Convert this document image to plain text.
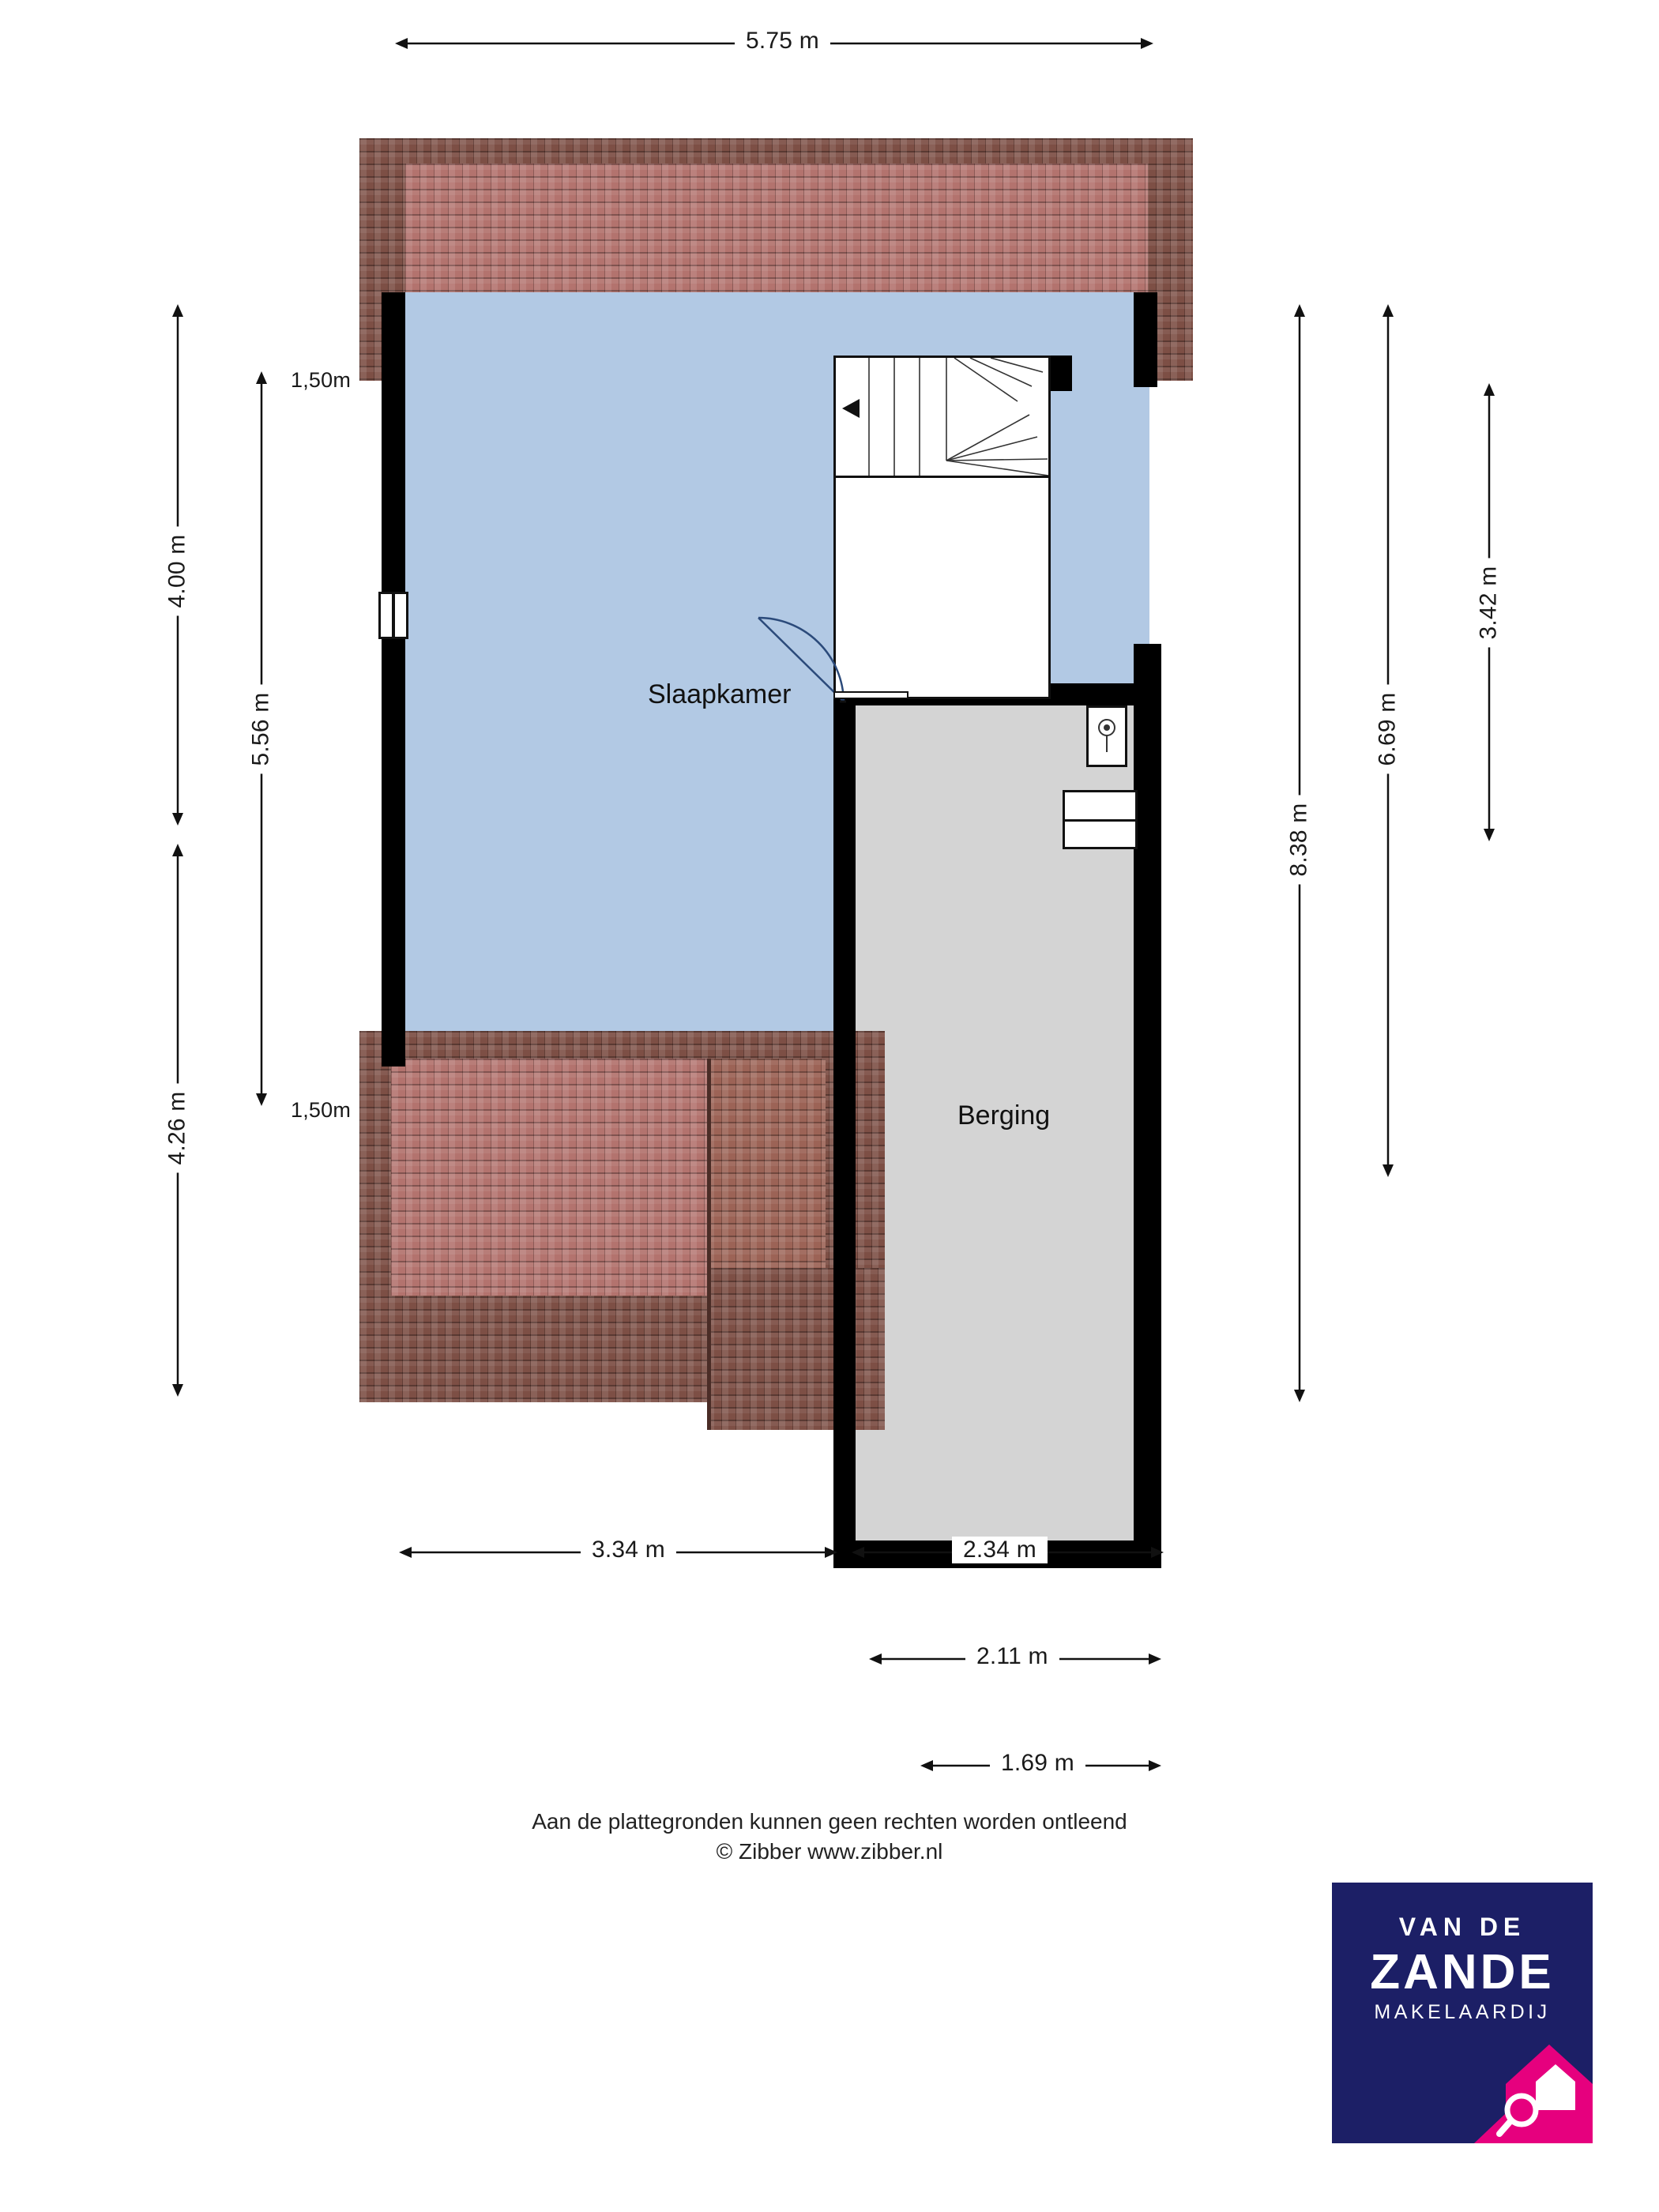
5.75 m
Slaapkamer
Berging
4.00 m
4.26 m
5.56 m
1,50m
1,50m
8.38 m
6.69 m
3.42 m
3.34 m	2.34 m
2.11 m
1.69 m
Aan de plattegronden kunnen geen rechten worden ontleend
© Zibber www.zibber.nl
VAN DE
ZANDE
MAKELAARDIJ
